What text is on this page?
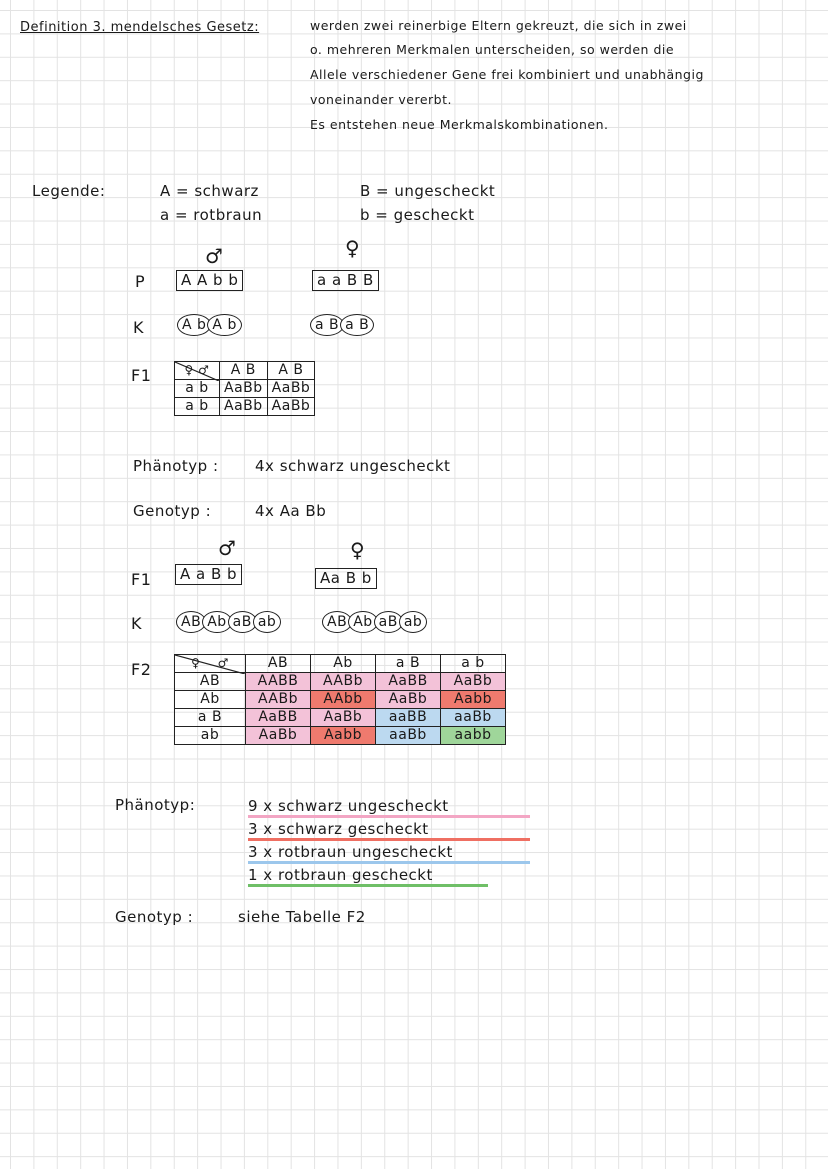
Definition 3. mendelsches Gesetz:	werden zwei reinerbige Eltern gekreuzt, die sich in zwei
o. mehreren Merkmalen unterscheiden, so werden die
Allele verschiedener Gene frei kombiniert und unabhängig
voneinander vererbt.
Es entstehen neue Merkmalskombinationen.
Legende:	A = schwarz
a = rotbraun
B = ungescheckt
b = gescheckt
♂	♀
P	A A b b	a a B B
K	A b A b	a B a B
F1	♀ ♂	A B	A B
a b	AaBb	AaBb
a b	AaBb	AaBb
Phänotyp : 4x schwarz ungescheckt
Genotyp :	4x Aa Bb
♂	♀
F1	A a B b	Aa B b
K	AB Ab aB ab	AB Ab aB ab
F2	♀ ♂	AB	Ab	a B	a b
AB	AABB	AABb	AaBB	AaBb
Ab	AABb	AAbb	AaBb	Aabb
a B	AaBB	AaBb	aaBB	aaBb
ab	AaBb	Aabb	aaBb	aabb
Phänotyp:	9 x schwarz ungescheckt
3 x schwarz gescheckt
3 x rotbraun ungescheckt
1 x rotbraun gescheckt
Genotyp :	siehe Tabelle F2
